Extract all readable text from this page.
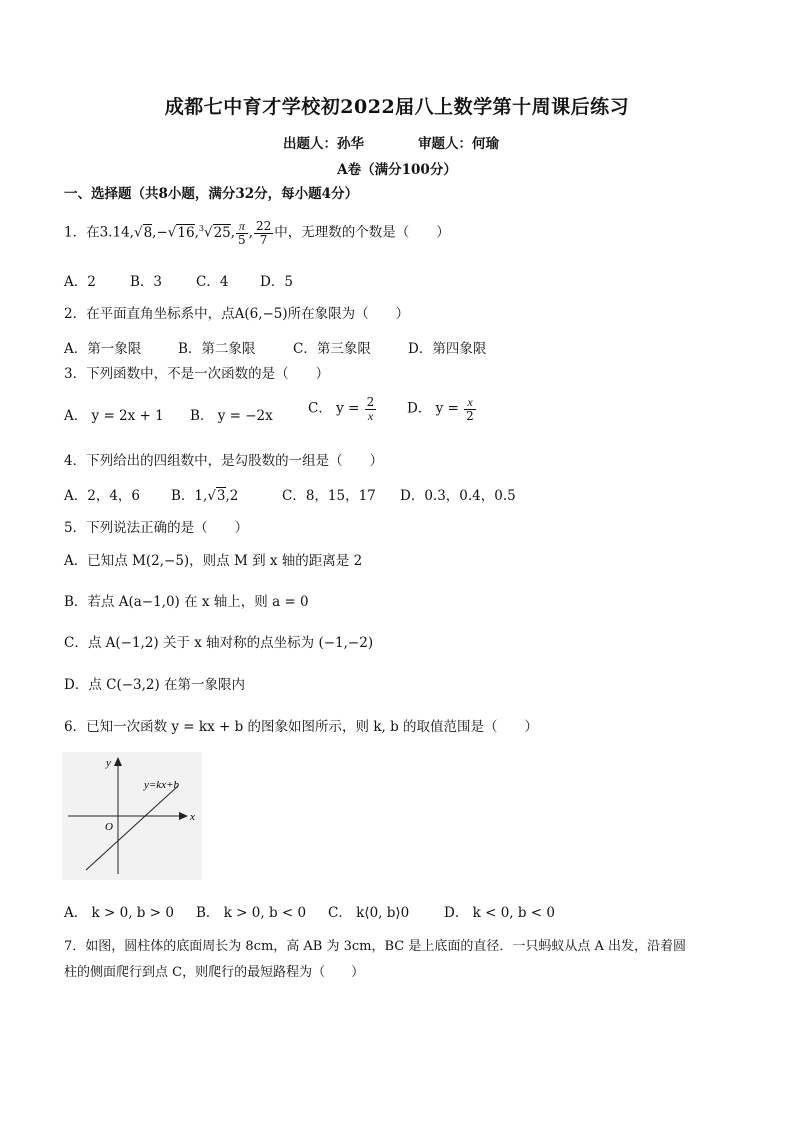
成都七中育才学校初2022届八上数学第十周课后练习
出题人：孙华	审题人：何瑜
A卷（满分100分）
一、选择题（共8小题，满分32分，每小题4分）
1．在3.14,√8,−√16,$^3$√25, $\frac{\pi}{5}$ , $\frac{22}{7}$ 中，无理数的个数是（　　）
A．2	B．3	C．4 D．5
2．在平面直角坐标系中，点A(6,−5)所在象限为（　　）
A．第一象限	B．第二象限	C．第三象限	D．第四象限
3．下列函数中，不是一次函数的是（　　）
A． y = 2x + 1 B． y = −2x	C． $y = \frac{2}{x}$ D． $y = \frac{x}{2}$
4．下列给出的四组数中，是勾股数的一组是（　　）
A．2，4，6 B．1,√3,2	C．8，15，17 D．0.3，0.4，0.5
5．下列说法正确的是（　　）
A．已知点 M(2,−5)，则点 M 到 x 轴的距离是 2
B．若点 A(a−1,0) 在 x 轴上，则 a = 0
C．点 A(−1,2) 关于 x 轴对称的点坐标为 (−1,−2)
D．点 C(−3,2) 在第一象限内
6．已知一次函数 y = kx + b 的图象如图所示，则 k, b 的取值范围是（　　）
y
x
O
y=kx+b
A． k > 0, b > 0 B． k > 0, b < 0 C． k⟨0, b⟩0	D． k < 0, b < 0
7．如图，圆柱体的底面周长为 8cm，高 AB 为 3cm，BC 是上底面的直径．一只蚂蚁从点 A 出发，沿着圆
柱的侧面爬行到点 C，则爬行的最短路程为（　　）
